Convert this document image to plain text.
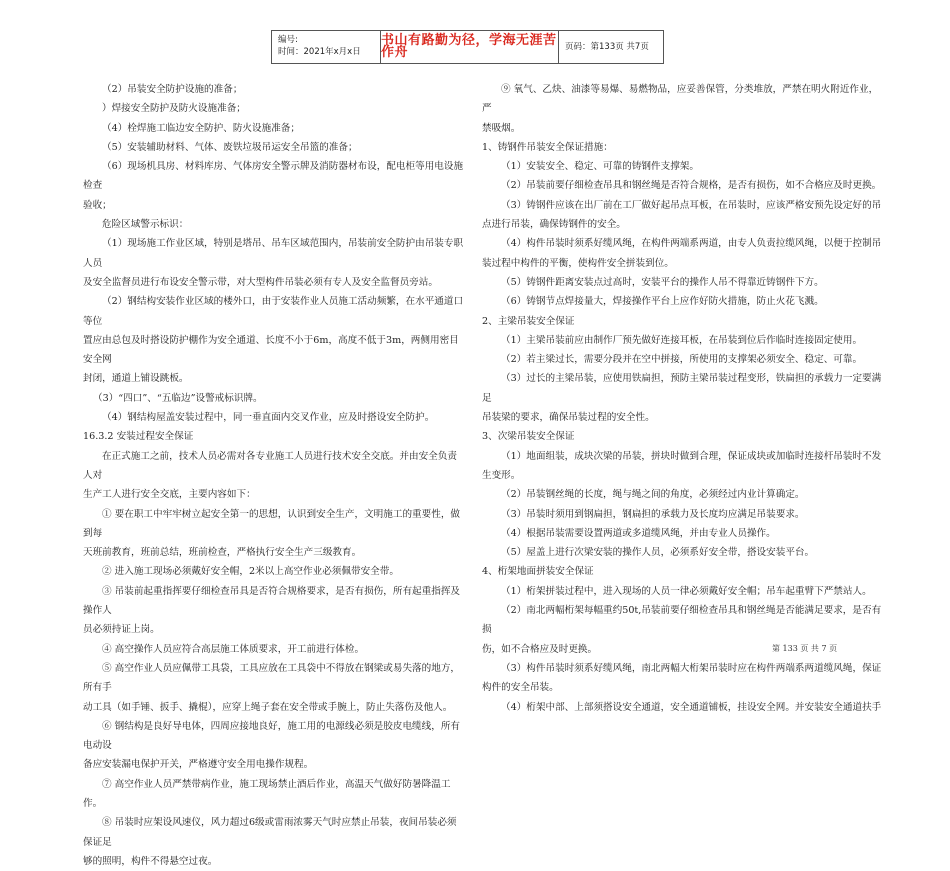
编号:
时间：2021年x月x日
书山有路勤为径，学海无涯苦作舟	页码：第133页 共7页

（2）吊装安全防护设施的准备；

）焊接安全防护及防火设施准备；

（4）栓焊施工临边安全防护、防火设施准备；

（5）安装辅助材料、气体、废铁垃圾吊运安全吊篮的准备；

（6）现场机具房、材料库房、气体房安全警示牌及消防器材布设，配电柜等用电设施检查

验收；

危险区域警示标识：

（1）现场施工作业区域，特别是塔吊、吊车区域范围内，吊装前安全防护由吊装专职人员

及安全监督员进行布设安全警示带，对大型构件吊装必须有专人及安全监督员旁站。

（2）钢结构安装作业区域的楼外口，由于安装作业人员施工活动频繁，在水平通道口等位

置应由总包及时搭设防护棚作为安全通道、长度不小于6m，高度不低于3m，两侧用密目安全网

封闭，通道上铺设跳板。

（3）“四口”、“五临边”设警戒标识牌。

（4）钢结构屋盖安装过程中，同一垂直面内交叉作业，应及时搭设安全防护。

16.3.2 安装过程安全保证

在正式施工之前，技术人员必需对各专业施工人员进行技术安全交底。并由安全负责人对

生产工人进行安全交底，主要内容如下：

① 要在职工中牢牢树立起安全第一的思想，认识到安全生产，文明施工的重要性，做到每

天班前教育，班前总结，班前检查，严格执行安全生产三级教育。

② 进入施工现场必须戴好安全帽，2米以上高空作业必须佩带安全带。

③ 吊装前起重指挥要仔细检查吊具是否符合规格要求，是否有损伤，所有起重指挥及操作人

员必须持证上岗。

④ 高空操作人员应符合高层施工体质要求，开工前进行体检。

⑤ 高空作业人员应佩带工具袋，工具应放在工具袋中不得放在钢梁或易失落的地方，所有手

动工具（如手锤、扳手、撬棍），应穿上绳子套在安全带或手腕上，防止失落伤及他人。

⑥ 钢结构是良好导电体，四周应接地良好，施工用的电源线必须是胶皮电缆线，所有电动设

备应安装漏电保护开关，严格遵守安全用电操作规程。

⑦ 高空作业人员严禁带病作业，施工现场禁止酒后作业，高温天气做好防暑降温工作。

⑧ 吊装时应架设风速仪，风力超过6级或雷雨浓雾天气时应禁止吊装，夜间吊装必须保证足

够的照明，构件不得悬空过夜。

⑨ 氧气、乙炔、油漆等易爆、易燃物品，应妥善保管，分类堆放，严禁在明火附近作业，严

禁吸烟。

1、铸钢件吊装安全保证措施：

（1）安装安全、稳定、可靠的铸钢件支撑架。

（2）吊装前要仔细检查吊具和钢丝绳是否符合规格，是否有损伤，如不合格应及时更换。

（3）铸钢件应该在出厂前在工厂做好起吊点耳板，在吊装时，应该严格安预先设定好的吊

点进行吊装，确保铸钢件的安全。

（4）构件吊装时须系好缆风绳，在构件两端系两道，由专人负责拉缆风绳，以便于控制吊

装过程中构件的平衡，使构件安全拼装到位。

（5）铸钢件距离安装点过高时，安装平台的操作人吊不得靠近铸钢件下方。

（6）铸钢节点焊接量大，焊接操作平台上应作好防火措施，防止火花飞溅。

2、主梁吊装安全保证

（1）主梁吊装前应由制作厂预先做好连接耳板，在吊装到位后作临时连接固定使用。

（2）若主梁过长，需要分段并在空中拼接，所使用的支撑架必须安全、稳定、可靠。

（3）过长的主梁吊装，应使用铁扁担，预防主梁吊装过程变形，铁扁担的承载力一定要满足

吊装梁的要求，确保吊装过程的安全性。

3、次梁吊装安全保证

（1）地面组装，成块次梁的吊装，拼块时做到合理，保证成块或加临时连接杆吊装时不发

生变形。

（2）吊装钢丝绳的长度，绳与绳之间的角度，必须经过内业计算确定。

（3）吊装时须用到钢扁担，钢扁担的承载力及长度均应满足吊装要求。

（4）根据吊装需要设置两道或多道缆风绳，并由专业人员操作。

（5）屋盖上进行次梁安装的操作人员，必须系好安全带，搭设安装平台。

4、桁架地面拼装安全保证

（1）桁架拼装过程中，进入现场的人员一律必须戴好安全帽；吊车起重臂下严禁站人。

（2）南北两幅桁架每幅重约50t,吊装前要仔细检查吊具和钢丝绳是否能满足要求，是否有损

伤，如不合格应及时更换。

（3）构件吊装时须系好缆风绳，南北两幅大桁架吊装时应在构件两端系两道缆风绳，保证

构件的安全吊装。

（4）桁架中部、上部须搭设安全通道，安全通道铺板，挂设安全网。并安装安全通道扶手

第 133 页 共 7 页
